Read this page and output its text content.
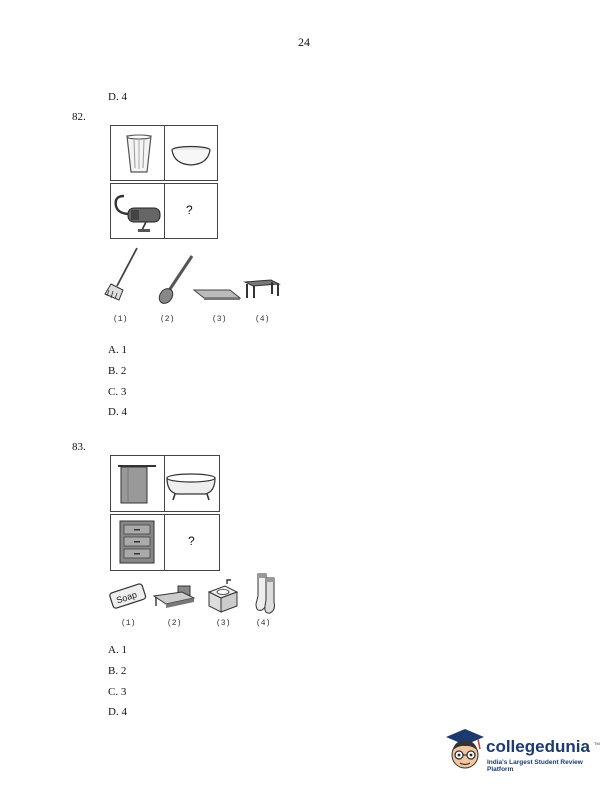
24
D. 4
82.
?
(1)	(2)	(3)	(4)
A. 1
B. 2
C. 3
D. 4
83.
?
Soap
(1)	(2)	(3)	(4)
A. 1
B. 2
C. 3
D. 4
collegedunia TM
India's Largest Student Review Platform
